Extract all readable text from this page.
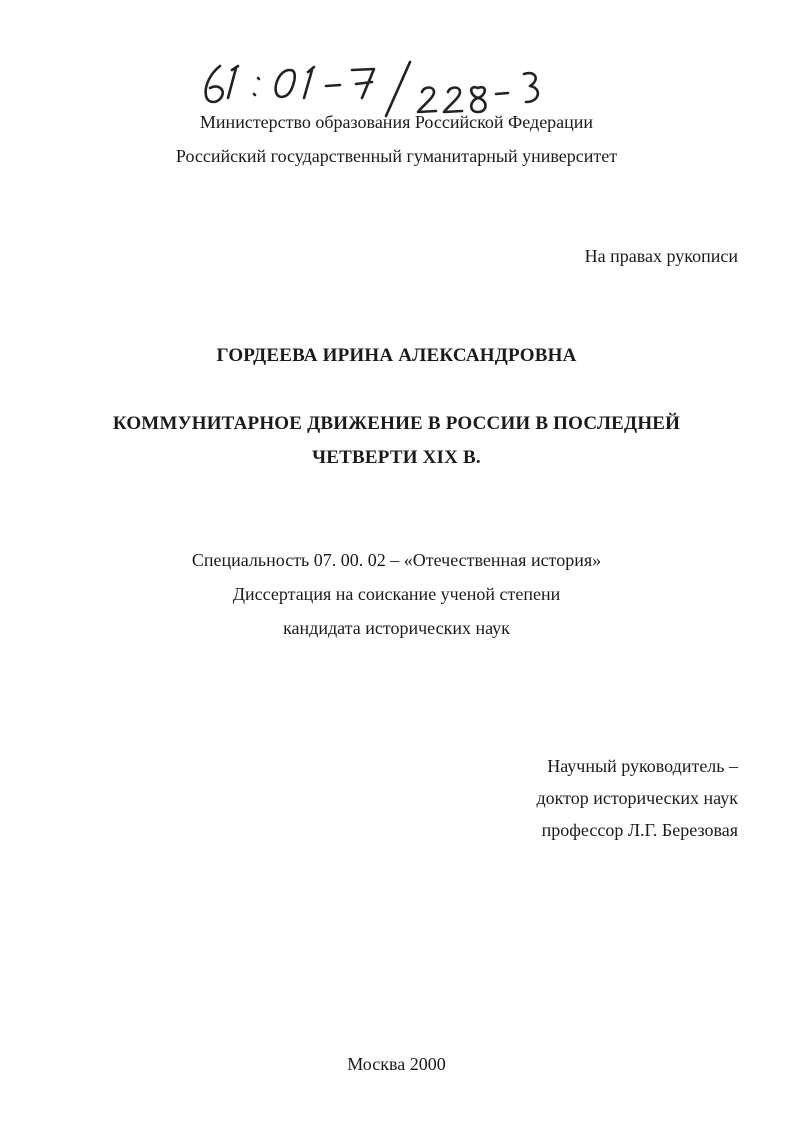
Министерство образования Российской Федерации
Российский государственный гуманитарный университет
На правах рукописи
ГОРДЕЕВА ИРИНА АЛЕКСАНДРОВНА
КОММУНИТАРНОЕ ДВИЖЕНИЕ В РОССИИ В ПОСЛЕДНЕЙ
ЧЕТВЕРТИ XIX В.
Специальность 07. 00. 02 – «Отечественная история»
Диссертация на соискание ученой степени
кандидата исторических наук
Научный руководитель –
доктор исторических наук
профессор Л.Г. Березовая
Москва 2000
